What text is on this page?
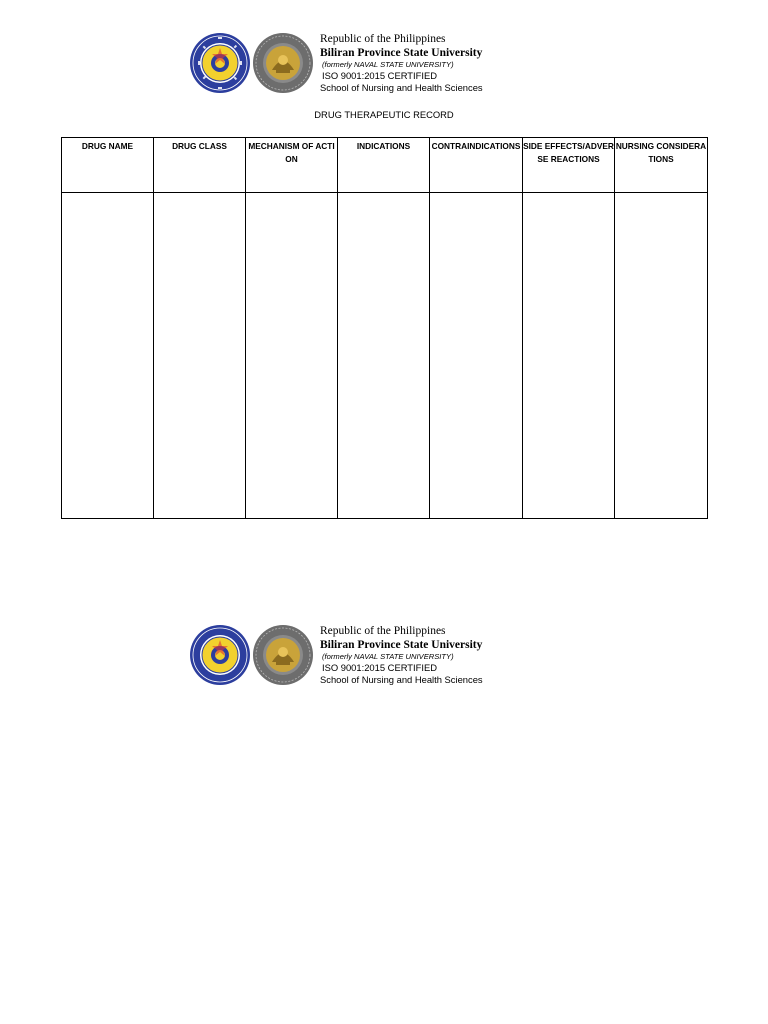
Republic of the Philippines
Biliran Province State University
(formerly NAVAL STATE UNIVERSITY)
ISO 9001:2015 CERTIFIED
School of Nursing and Health Sciences
DRUG THERAPEUTIC RECORD
DRUG NAME	DRUG CLASS	MECHANISM OF ACTION	INDICATIONS	CONTRAINDICATIONS	SIDE EFFECTS/ADVERSE REACTIONS	NURSING CONSIDERATIONS

Republic of the Philippines
Biliran Province State University
(formerly NAVAL STATE UNIVERSITY)
ISO 9001:2015 CERTIFIED
School of Nursing and Health Sciences
